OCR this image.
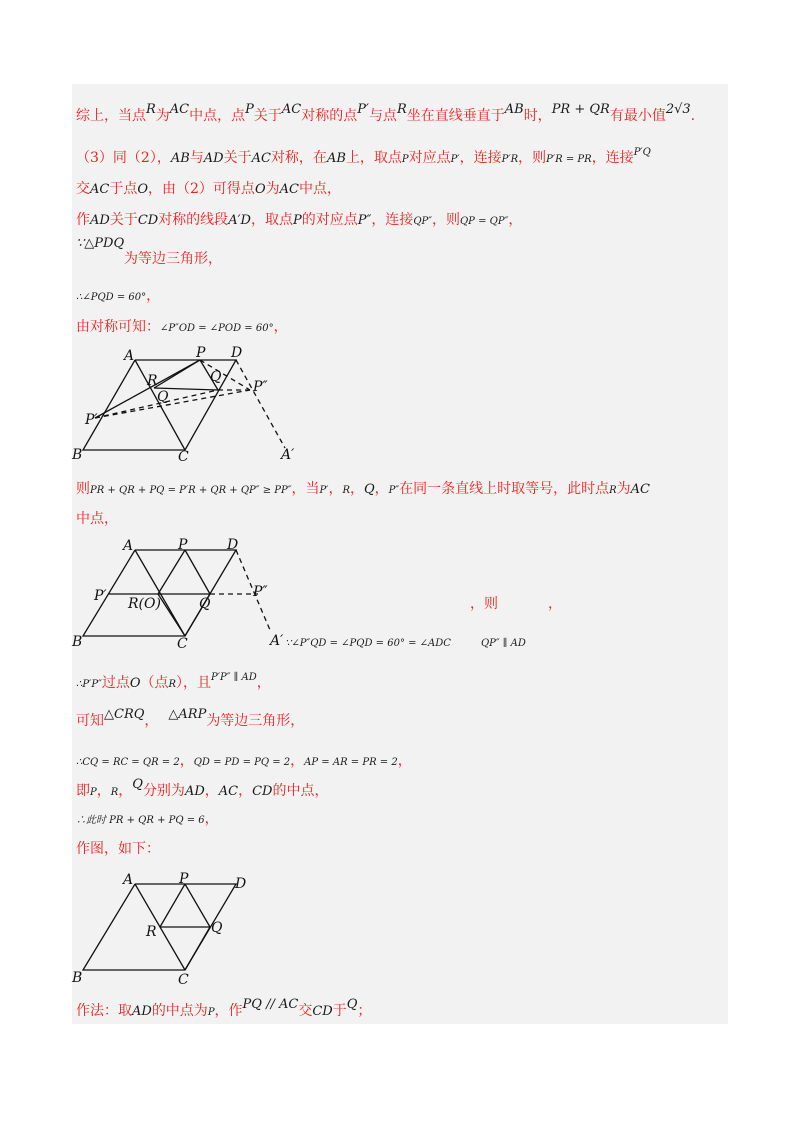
综上，当点R为AC中点，点P关于AC对称的点P′与点R坐在直线垂直于AB时，PR + QR有最小值2√3.
（3）同（2），AB与AD关于AC对称，在AB上，取点P对应点P′，连接P′R，则P′R = PR，连接$^{P'Q}$
交AC于点O，由（2）可得点O为AC中点，
作AD关于CD对称的线段A′D，取点P的对应点P″，连接QP″，则QP = QP″，
∵△PDQ
为等边三角形，
∴∠PQD = 60°，
由对称可知：∠P″OD = ∠POD = 60°，
A	P D
R	Q
Q
P″
P′
B	C	A′
则PR + QR + PQ = P′R + QR + QP″ ≥ PP″，当P′，R，Q，P″在同一条直线上时取等号，此时点R为AC
中点，
A	P	D
P′ R(O)	Q
P″
B	C	A′
，则	，
∵∠P″QD = ∠PQD = 60° = ∠ADC	QP″ ∥ AD
∴P′P″过点O（点R），且$^{P'P'' \parallel AD}$，
可知△CRQ， △ARP为等边三角形，
∴CQ = RC = QR = 2，QD = PD = PQ = 2，AP = AR = PR = 2，
即P，R，Q分别为AD，AC，CD的中点，
∴此时 PR + QR + PQ = 6，
作图，如下：
A	P	D
R	Q
B	C
作法：取AD的中点为P，作PQ // AC交CD于Q；
